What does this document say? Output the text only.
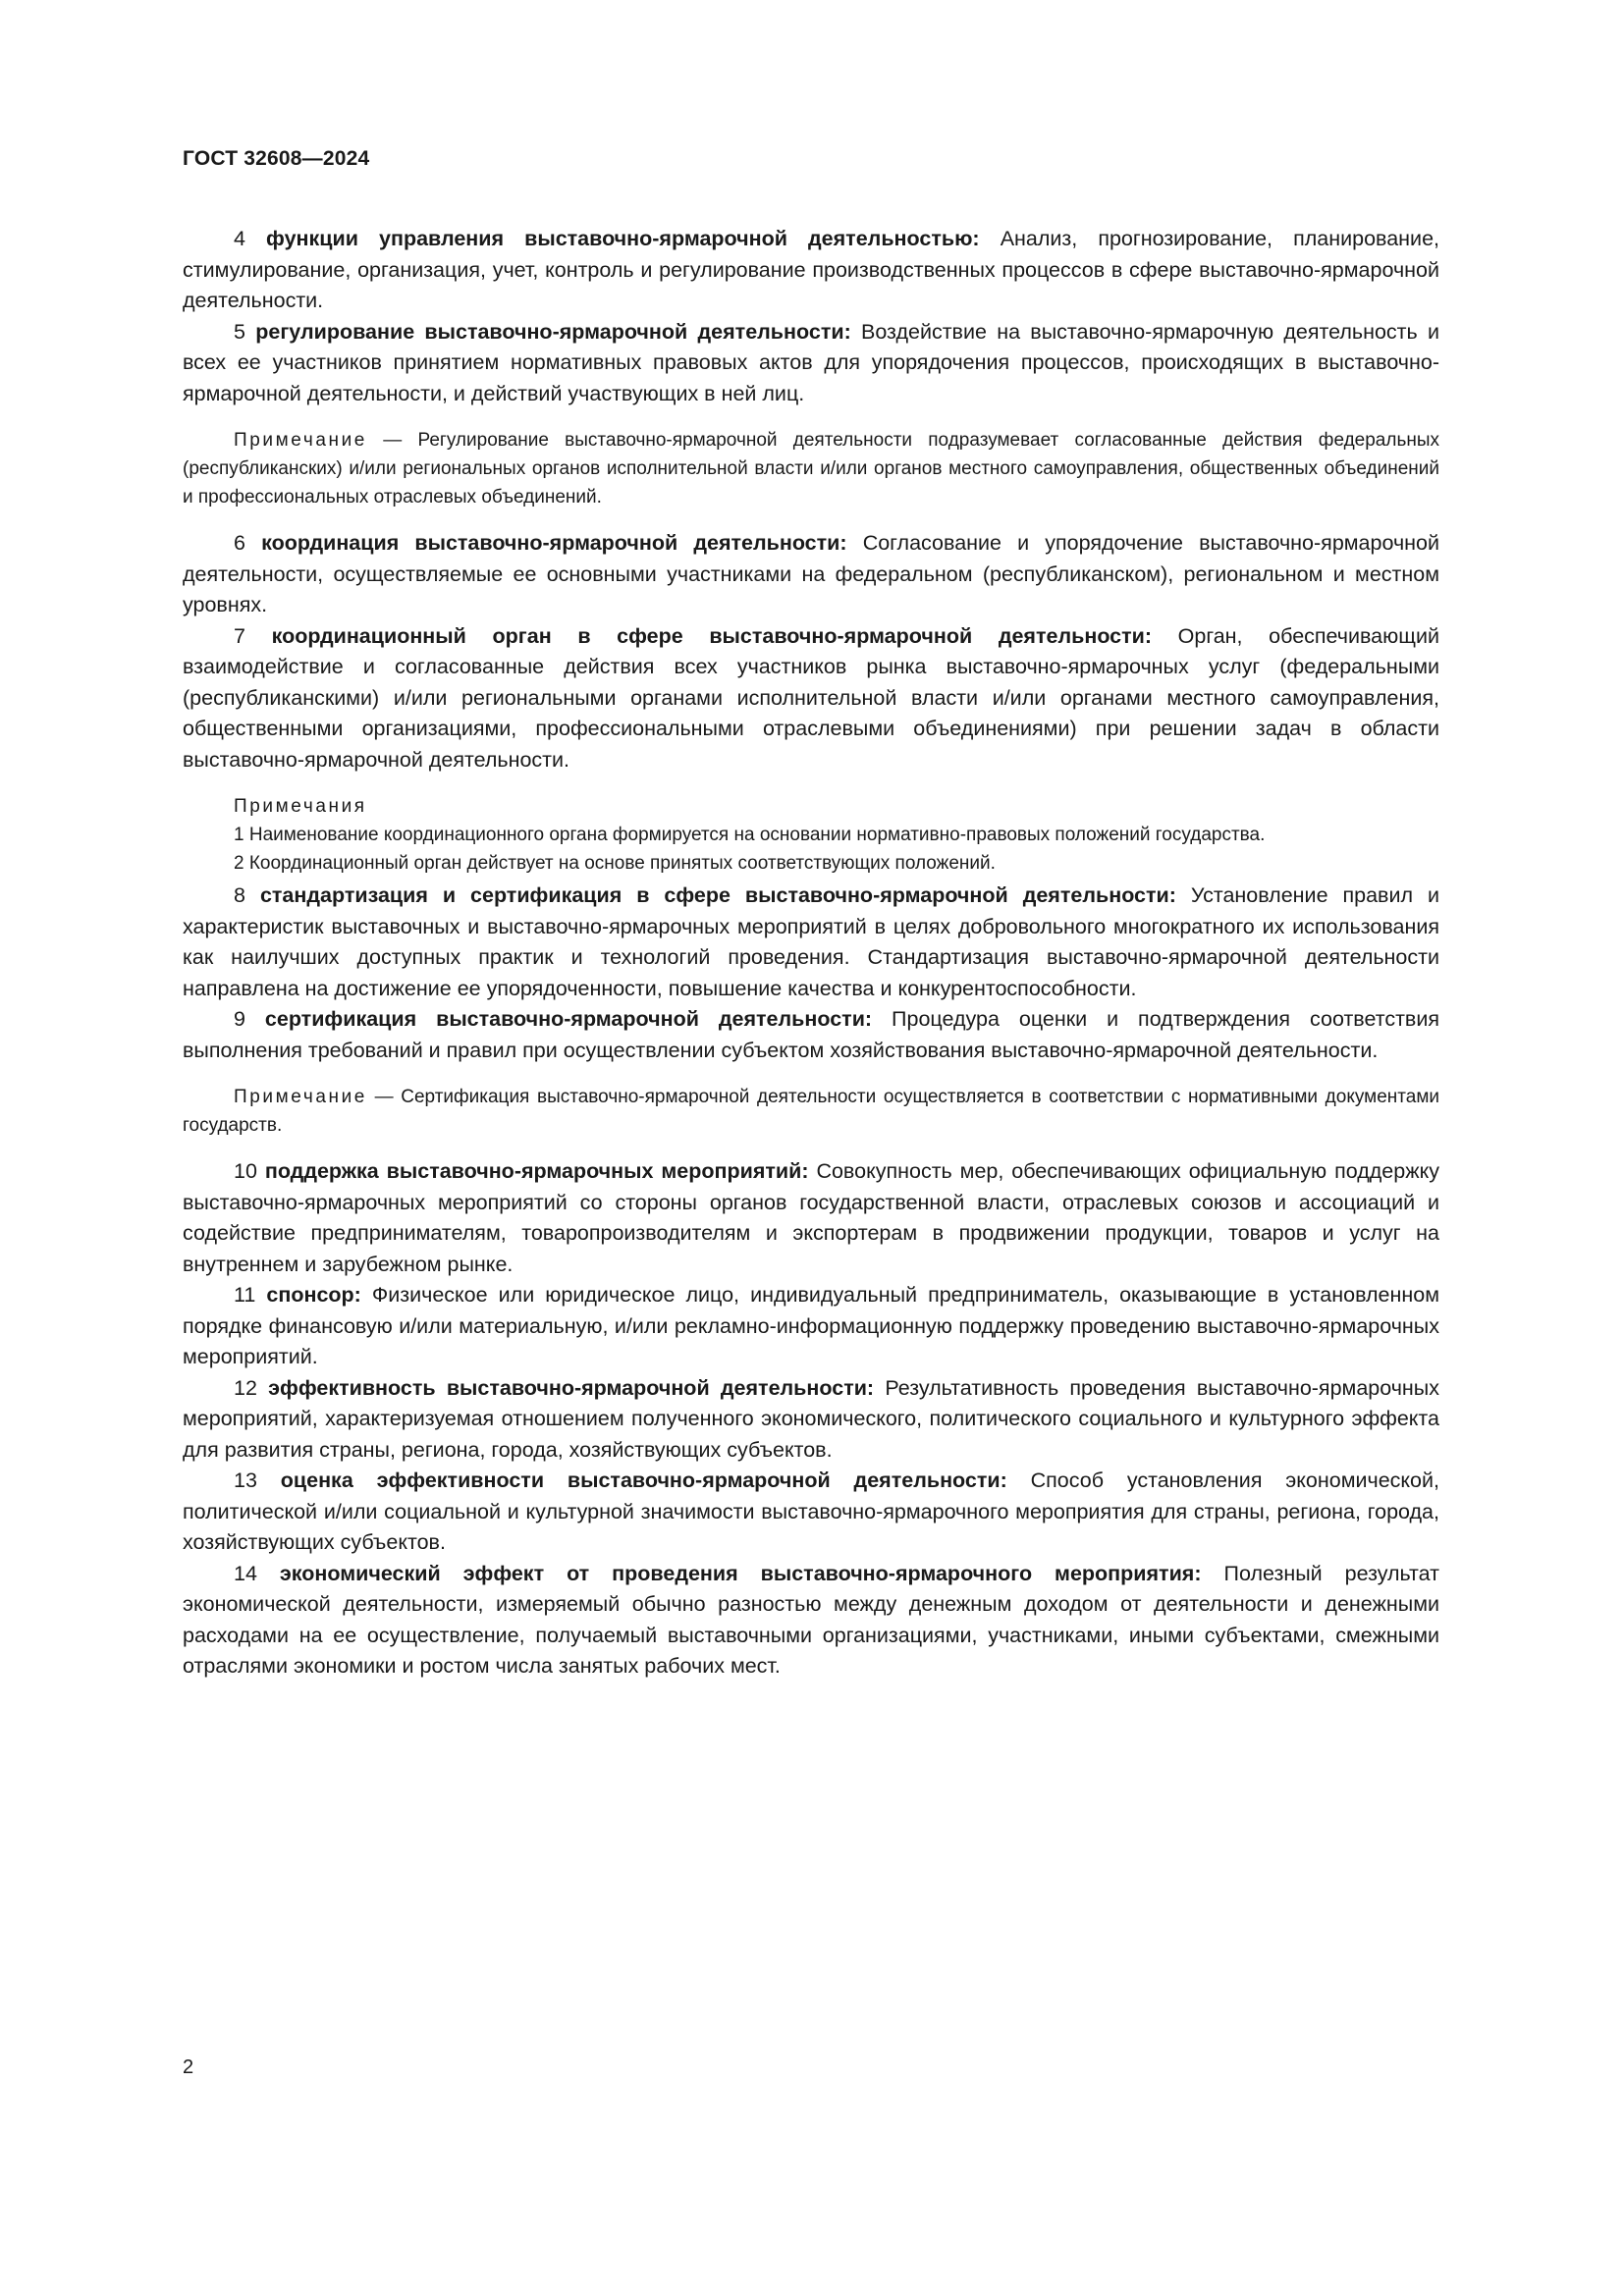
ГОСТ 32608—2024

4 функции управления выставочно-ярмарочной деятельностью: Анализ, прогнозирование, планирование, стимулирование, организация, учет, контроль и регулирование производственных процессов в сфере выставочно-ярмарочной деятельности.

5 регулирование выставочно-ярмарочной деятельности: Воздействие на выставочно-ярмарочную деятельность и всех ее участников принятием нормативных правовых актов для упорядочения процессов, происходящих в выставочно-ярмарочной деятельности, и действий участвующих в ней лиц.

Примечание — Регулирование выставочно-ярмарочной деятельности подразумевает согласованные действия федеральных (республиканских) и/или региональных органов исполнительной власти и/или органов местного самоуправления, общественных объединений и профессиональных отраслевых объединений.

6 координация выставочно-ярмарочной деятельности: Согласование и упорядочение выставочно-ярмарочной деятельности, осуществляемые ее основными участниками на федеральном (республиканском), региональном и местном уровнях.

7 координационный орган в сфере выставочно-ярмарочной деятельности: Орган, обеспечивающий взаимодействие и согласованные действия всех участников рынка выставочно-ярмарочных услуг (федеральными (республиканскими) и/или региональными органами исполнительной власти и/или органами местного самоуправления, общественными организациями, профессиональными отраслевыми объединениями) при решении задач в области выставочно-ярмарочной деятельности.

Примечания

1 Наименование координационного органа формируется на основании нормативно-правовых положений государства.

2 Координационный орган действует на основе принятых соответствующих положений.

8 стандартизация и сертификация в сфере выставочно-ярмарочной деятельности: Установление правил и характеристик выставочных и выставочно-ярмарочных мероприятий в целях добровольного многократного их использования как наилучших доступных практик и технологий проведения. Стандартизация выставочно-ярмарочной деятельности направлена на достижение ее упорядоченности, повышение качества и конкурентоспособности.

9 сертификация выставочно-ярмарочной деятельности: Процедура оценки и подтверждения соответствия выполнения требований и правил при осуществлении субъектом хозяйствования выставочно-ярмарочной деятельности.

Примечание — Сертификация выставочно-ярмарочной деятельности осуществляется в соответствии с нормативными документами государств.

10 поддержка выставочно-ярмарочных мероприятий: Совокупность мер, обеспечивающих официальную поддержку выставочно-ярмарочных мероприятий со стороны органов государственной власти, отраслевых союзов и ассоциаций и содействие предпринимателям, товаропроизводителям и экспортерам в продвижении продукции, товаров и услуг на внутреннем и зарубежном рынке.

11 спонсор: Физическое или юридическое лицо, индивидуальный предприниматель, оказывающие в установленном порядке финансовую и/или материальную, и/или рекламно-информационную поддержку проведению выставочно-ярмарочных мероприятий.

12 эффективность выставочно-ярмарочной деятельности: Результативность проведения выставочно-ярмарочных мероприятий, характеризуемая отношением полученного экономического, политического социального и культурного эффекта для развития страны, региона, города, хозяйствующих субъектов.

13 оценка эффективности выставочно-ярмарочной деятельности: Способ установления экономической, политической и/или социальной и культурной значимости выставочно-ярмарочного мероприятия для страны, региона, города, хозяйствующих субъектов.

14 экономический эффект от проведения выставочно-ярмарочного мероприятия: Полезный результат экономической деятельности, измеряемый обычно разностью между денежным доходом от деятельности и денежными расходами на ее осуществление, получаемый выставочными организациями, участниками, иными субъектами, смежными отраслями экономики и ростом числа занятых рабочих мест.

2
